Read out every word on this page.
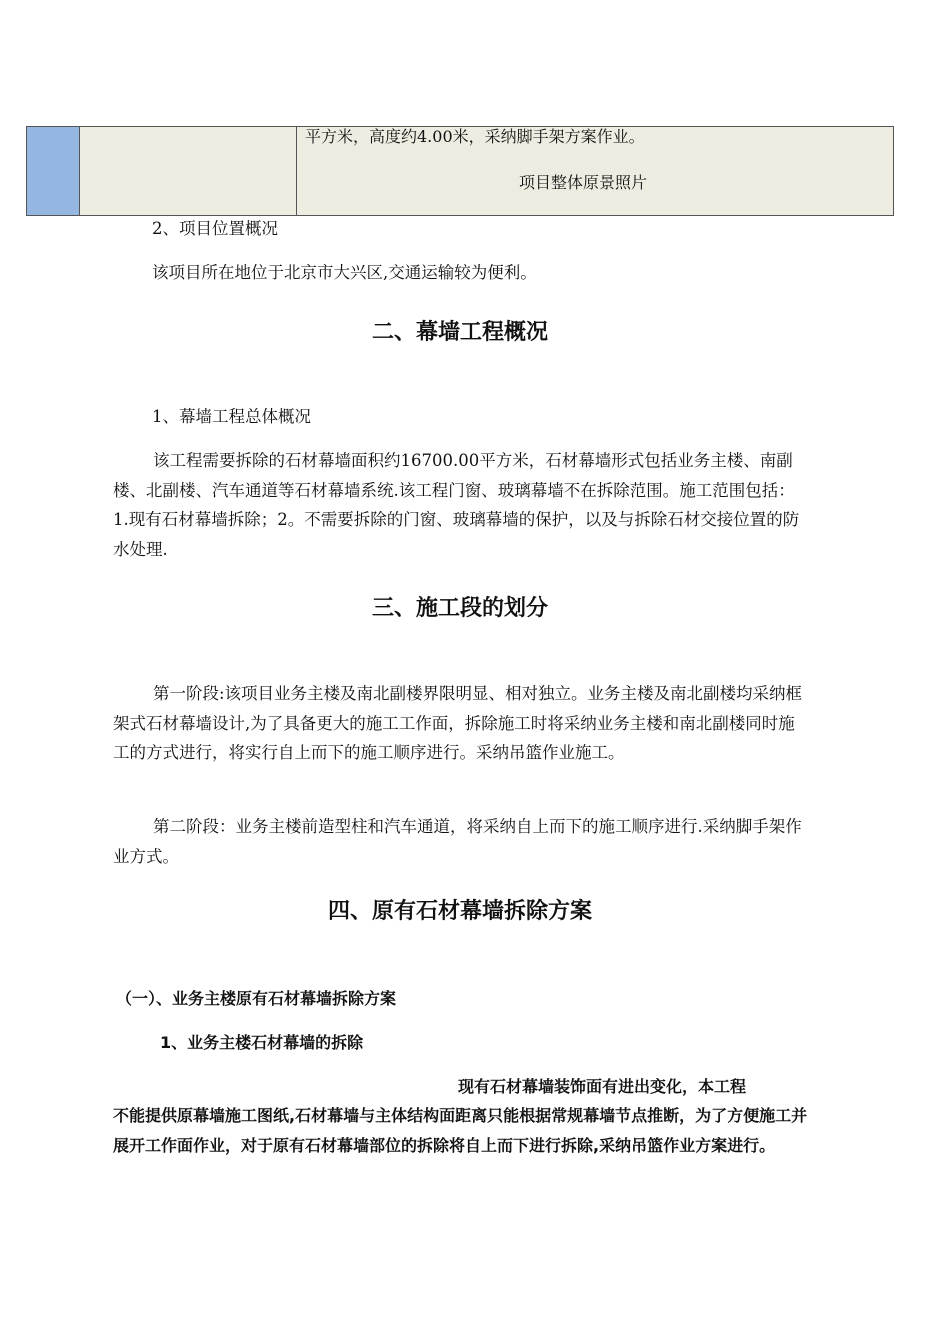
平方米，高度约4.00米，采纳脚手架方案作业。
项目整体原景照片
2、项目位置概况
该项目所在地位于北京市大兴区,交通运输较为便利。
二、幕墙工程概况
1、幕墙工程总体概况
该工程需要拆除的石材幕墙面积约16700.00平方米，石材幕墙形式包括业务主楼、南副楼、北副楼、汽车通道等石材幕墙系统.该工程门窗、玻璃幕墙不在拆除范围。施工范围包括：1.现有石材幕墙拆除；2。不需要拆除的门窗、玻璃幕墙的保护，以及与拆除石材交接位置的防水处理.
三、施工段的划分
第一阶段:该项目业务主楼及南北副楼界限明显、相对独立。业务主楼及南北副楼均采纳框架式石材幕墙设计,为了具备更大的施工工作面，拆除施工时将采纳业务主楼和南北副楼同时施工的方式进行，将实行自上而下的施工顺序进行。采纳吊篮作业施工。
第二阶段：业务主楼前造型柱和汽车通道，将采纳自上而下的施工顺序进行.采纳脚手架作业方式。
四、原有石材幕墙拆除方案
（一）、业务主楼原有石材幕墙拆除方案
1、业务主楼石材幕墙的拆除
现有石材幕墙装饰面有进出变化，本工程
不能提供原幕墙施工图纸,石材幕墙与主体结构面距离只能根据常规幕墙节点推断，为了方便施工并展开工作面作业，对于原有石材幕墙部位的拆除将自上而下进行拆除,采纳吊篮作业方案进行。
